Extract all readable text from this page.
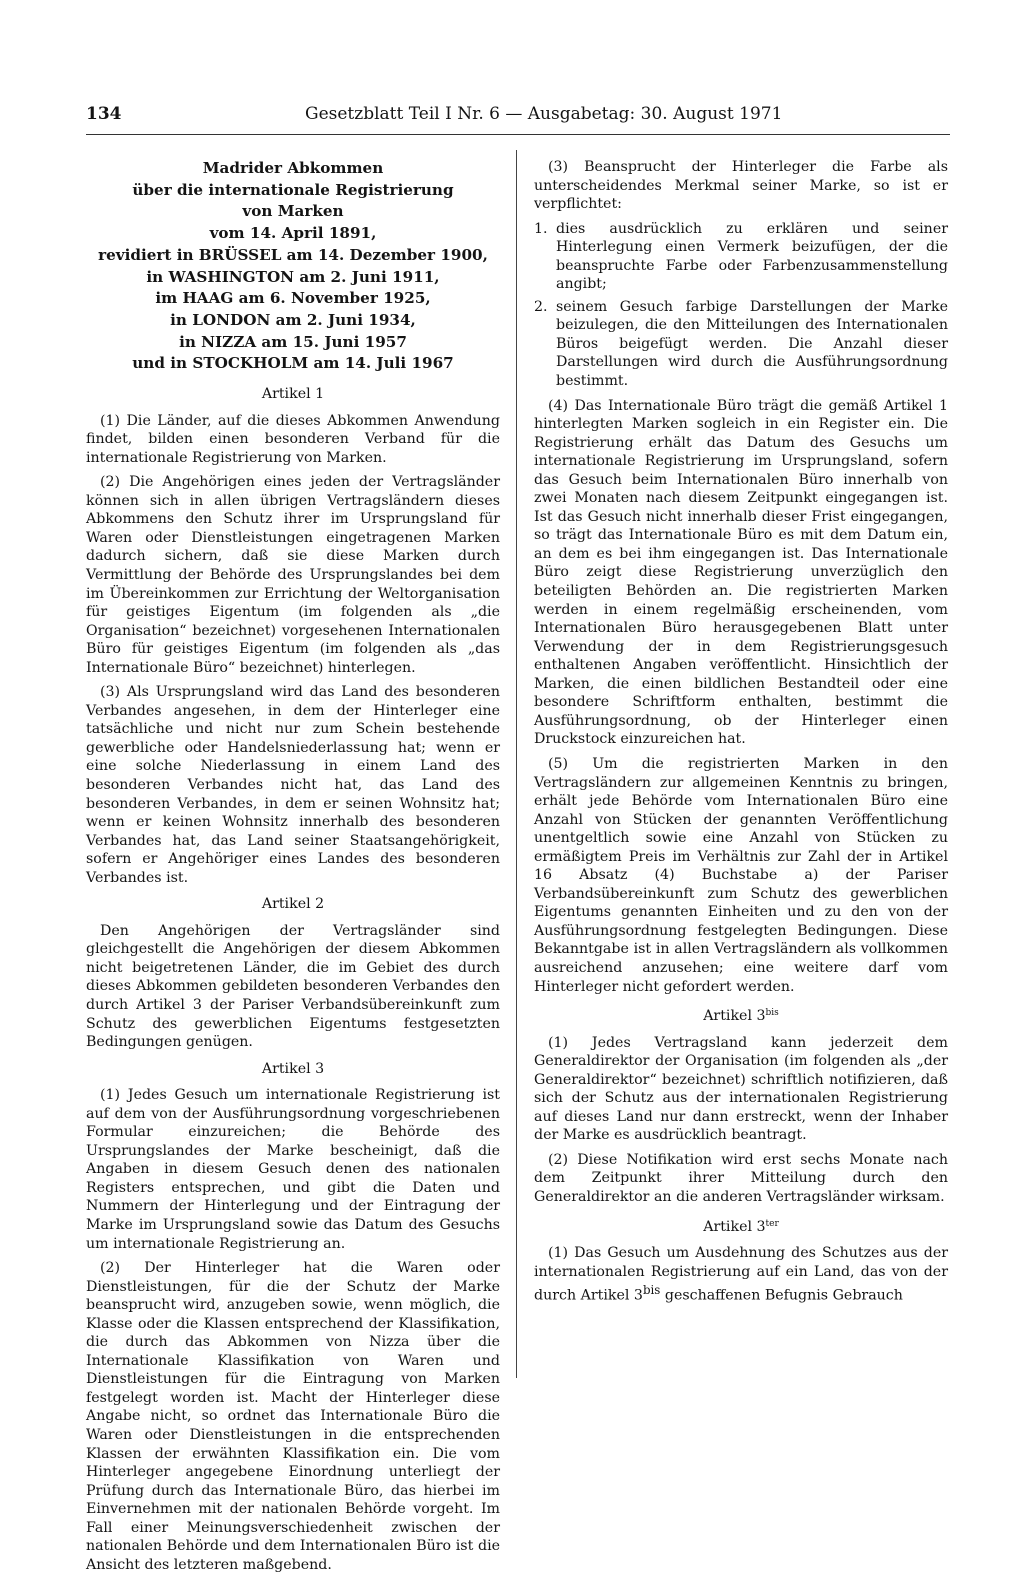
134	Gesetzblatt Teil I Nr. 6 — Ausgabetag: 30. August 1971
Madrider Abkommen
über die internationale Registrierung
von Marken
vom 14. April 1891,
revidiert in BRÜSSEL am 14. Dezember 1900,
in WASHINGTON am 2. Juni 1911,
im HAAG am 6. November 1925,
in LONDON am 2. Juni 1934,
in NIZZA am 15. Juni 1957
und in STOCKHOLM am 14. Juli 1967
Artikel 1

(1) Die Länder, auf die dieses Abkommen Anwendung findet, bilden einen besonderen Verband für die internationale Registrierung von Marken.

(2) Die Angehörigen eines jeden der Vertragsländer können sich in allen übrigen Vertragsländern dieses Abkommens den Schutz ihrer im Ursprungsland für Waren oder Dienstleistungen eingetragenen Marken dadurch sichern, daß sie diese Marken durch Vermittlung der Behörde des Ursprungslandes bei dem im Übereinkommen zur Errichtung der Weltorganisation für geistiges Eigentum (im folgenden als „die Organisation“ bezeichnet) vorgesehenen Internationalen Büro für geistiges Eigentum (im folgenden als „das Internationale Büro“ bezeichnet) hinterlegen.

(3) Als Ursprungsland wird das Land des besonderen Verbandes angesehen, in dem der Hinterleger eine tatsächliche und nicht nur zum Schein bestehende gewerbliche oder Handelsniederlassung hat; wenn er eine solche Niederlassung in einem Land des besonderen Verbandes nicht hat, das Land des besonderen Verbandes, in dem er seinen Wohnsitz hat; wenn er keinen Wohnsitz innerhalb des besonderen Verbandes hat, das Land seiner Staatsangehörigkeit, sofern er Angehöriger eines Landes des besonderen Verbandes ist.

Artikel 2

Den Angehörigen der Vertragsländer sind gleichgestellt die Angehörigen der diesem Abkommen nicht beigetretenen Länder, die im Gebiet des durch dieses Abkommen gebildeten besonderen Verbandes den durch Artikel 3 der Pariser Verbandsübereinkunft zum Schutz des gewerblichen Eigentums festgesetzten Bedingungen genügen.

Artikel 3

(1) Jedes Gesuch um internationale Registrierung ist auf dem von der Ausführungsordnung vorgeschriebenen Formular einzureichen; die Behörde des Ursprungslandes der Marke bescheinigt, daß die Angaben in diesem Gesuch denen des nationalen Registers entsprechen, und gibt die Daten und Nummern der Hinterlegung und der Eintragung der Marke im Ursprungsland sowie das Datum des Gesuchs um internationale Registrierung an.

(2) Der Hinterleger hat die Waren oder Dienstleistungen, für die der Schutz der Marke beansprucht wird, anzugeben sowie, wenn möglich, die Klasse oder die Klassen entsprechend der Klassifikation, die durch das Abkommen von Nizza über die Internationale Klassifikation von Waren und Dienstleistungen für die Eintragung von Marken festgelegt worden ist. Macht der Hinterleger diese Angabe nicht, so ordnet das Internationale Büro die Waren oder Dienstleistungen in die entsprechenden Klassen der erwähnten Klassifikation ein. Die vom Hinterleger angegebene Einordnung unterliegt der Prüfung durch das Internationale Büro, das hierbei im Einvernehmen mit der nationalen Behörde vorgeht. Im Fall einer Meinungsverschiedenheit zwischen der nationalen Behörde und dem Internationalen Büro ist die Ansicht des letzteren maßgebend.

(3) Beansprucht der Hinterleger die Farbe als unterscheidendes Merkmal seiner Marke, so ist er verpflichtet:

1. dies ausdrücklich zu erklären und seiner Hinterlegung einen Vermerk beizufügen, der die beanspruchte Farbe oder Farbenzusammenstellung angibt;
2. seinem Gesuch farbige Darstellungen der Marke beizulegen, die den Mitteilungen des Internationalen Büros beigefügt werden. Die Anzahl dieser Darstellungen wird durch die Ausführungsordnung bestimmt.

(4) Das Internationale Büro trägt die gemäß Artikel 1 hinterlegten Marken sogleich in ein Register ein. Die Registrierung erhält das Datum des Gesuchs um internationale Registrierung im Ursprungsland, sofern das Gesuch beim Internationalen Büro innerhalb von zwei Monaten nach diesem Zeitpunkt eingegangen ist. Ist das Gesuch nicht innerhalb dieser Frist eingegangen, so trägt das Internationale Büro es mit dem Datum ein, an dem es bei ihm eingegangen ist. Das Internationale Büro zeigt diese Registrierung unverzüglich den beteiligten Behörden an. Die registrierten Marken werden in einem regelmäßig erscheinenden, vom Internationalen Büro herausgegebenen Blatt unter Verwendung der in dem Registrierungsgesuch enthaltenen Angaben veröffentlicht. Hinsichtlich der Marken, die einen bildlichen Bestandteil oder eine besondere Schriftform enthalten, bestimmt die Ausführungsordnung, ob der Hinterleger einen Druckstock einzureichen hat.

(5) Um die registrierten Marken in den Vertragsländern zur allgemeinen Kenntnis zu bringen, erhält jede Behörde vom Internationalen Büro eine Anzahl von Stücken der genannten Veröffentlichung unentgeltlich sowie eine Anzahl von Stücken zu ermäßigtem Preis im Verhältnis zur Zahl der in Artikel 16 Absatz (4) Buchstabe a) der Pariser Verbandsübereinkunft zum Schutz des gewerblichen Eigentums genannten Einheiten und zu den von der Ausführungsordnung festgelegten Bedingungen. Diese Bekanntgabe ist in allen Vertragsländern als vollkommen ausreichend anzusehen; eine weitere darf vom Hinterleger nicht gefordert werden.

Artikel $3^{bis}$

(1) Jedes Vertragsland kann jederzeit dem Generaldirektor der Organisation (im folgenden als „der Generaldirektor“ bezeichnet) schriftlich notifizieren, daß sich der Schutz aus der internationalen Registrierung auf dieses Land nur dann erstreckt, wenn der Inhaber der Marke es ausdrücklich beantragt.

(2) Diese Notifikation wird erst sechs Monate nach dem Zeitpunkt ihrer Mitteilung durch den Generaldirektor an die anderen Vertragsländer wirksam.

Artikel $3^{ter}$

(1) Das Gesuch um Ausdehnung des Schutzes aus der internationalen Registrierung auf ein Land, das von der durch Artikel $3^{bis}$ geschaffenen Befugnis Gebrauch
